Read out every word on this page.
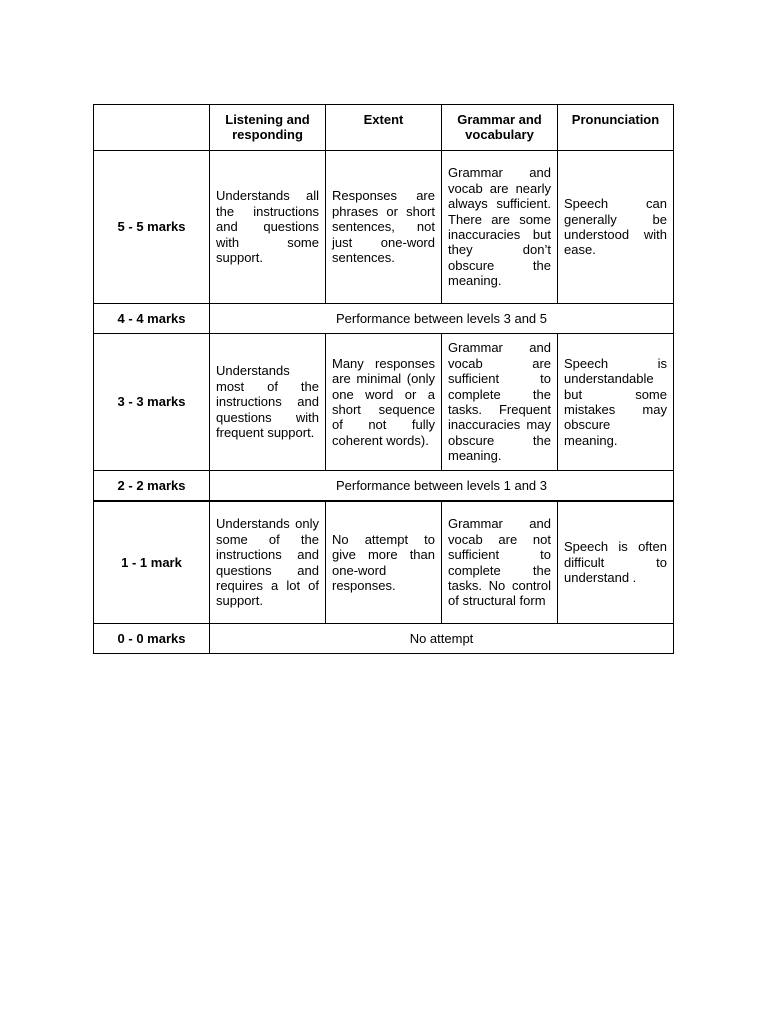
	Listening and responding	Extent	Grammar and vocabulary	Pronunciation
5 - 5 marks	Understands all the instructions and questions with some support.	Responses are phrases or short sentences, not just one-word sentences.	Grammar and vocab are nearly always sufficient. There are some inaccuracies but they don’t obscure the meaning.	Speech can generally be understood with ease.
4 - 4 marks	Performance between levels 3 and 5			
3 - 3 marks	Understands most of the instructions and questions with frequent support.	Many responses are minimal (only one word or a short sequence of not fully coherent words).	Grammar and vocab are sufficient to complete the tasks. Frequent inaccuracies may obscure the meaning.	Speech is understandable but some mistakes may obscure meaning.
2 - 2 marks	Performance between levels 1 and 3			
1 - 1 mark	Understands only some of the instructions and questions and requires a lot of support.	No attempt to give more than one-word responses.	Grammar and vocab are not sufficient to complete the tasks. No control of structural form	Speech is often difficult to understand .
0 - 0 marks	No attempt			
